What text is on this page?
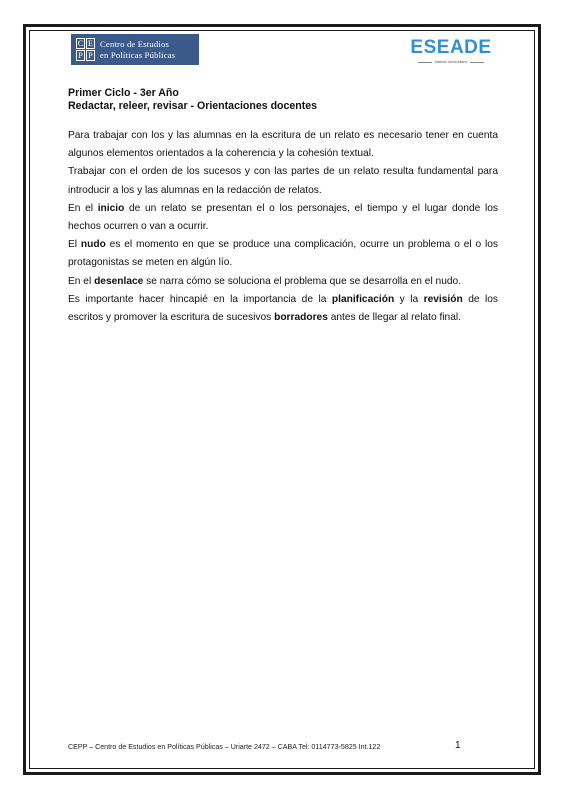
C E
P P
Centro de Estudios
en Políticas Públicas	ESEADE
Instituto Universitario
Primer Ciclo - 3er Año
Redactar, releer, revisar - Orientaciones docentes
Para trabajar con los y las alumnas en la escritura de un relato es necesario tener en cuenta algunos elementos orientados a la coherencia y la cohesión textual.
Trabajar con el orden de los sucesos y con las partes de un relato resulta fundamental para introducir a los y las alumnas en la redacción de relatos.
En el inicio de un relato se presentan el o los personajes, el tiempo y el lugar donde los hechos ocurren o van a ocurrir.
El nudo es el momento en que se produce una complicación, ocurre un problema o el o los protagonistas se meten en algún lío.
En el desenlace se narra cómo se soluciona el problema que se desarrolla en el nudo.
Es importante hacer hincapié en la importancia de la planificación y la revisión de los escritos y promover la escritura de sucesivos borradores antes de llegar al relato final.
CEPP – Centro de Estudios en Políticas Públicas – Uriarte 2472 – CABA Tel: 0114773-5825 Int.122	1
